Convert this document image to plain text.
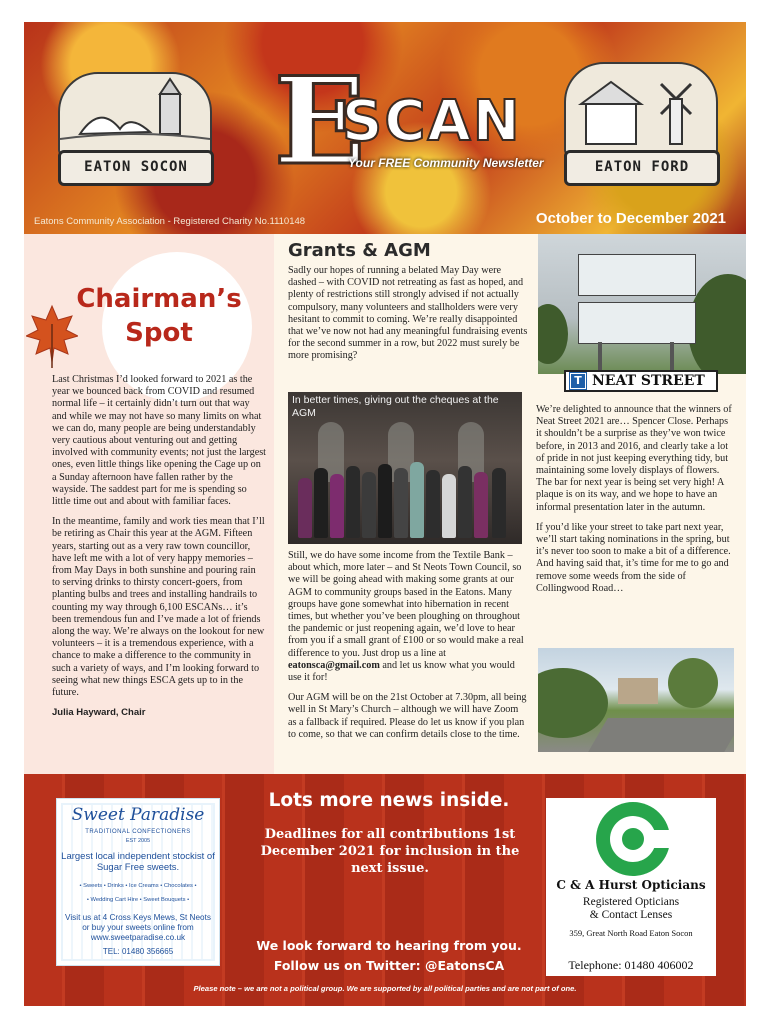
EATON SOCON	EATON FORD
E
SCAN
Your FREE Community Newsletter
Eatons Community Association - Registered Charity No.1110148	October to December 2021
Chairman’s Spot

Last Christmas I’d looked forward to 2021 as the year we bounced back from COVID and resumed normal life – it certainly didn’t turn out that way and while we may not have so many limits on what we can do, many people are being understandably very cautious about venturing out and getting involved with community events; not just the largest ones, even little things like opening the Cage up on a Sunday afternoon have fallen rather by the wayside. The saddest part for me is spending so little time out and about with familiar faces.

In the meantime, family and work ties mean that I’ll be retiring as Chair this year at the AGM. Fifteen years, starting out as a very raw town councillor, have left me with a lot of very happy memories – from May Days in both sunshine and pouring rain to serving drinks to thirsty concert-goers, from planting bulbs and trees and installing handrails to counting my way through 6,100 ESCANs… it’s been tremendous fun and I’ve made a lot of friends along the way. We’re always on the lookout for new volunteers – it is a tremendous experience, with a chance to make a difference to the community in such a variety of ways, and I’m looking forward to seeing what new things ESCA gets up to in the future.

Julia Hayward, Chair

Grants & AGM

Sadly our hopes of running a belated May Day were dashed – with COVID not retreating as fast as hoped, and plenty of restrictions still strongly advised if not actually compulsory, many volunteers and stallholders were very hesitant to commit to coming. We’re really disappointed that we’ve now not had any meaningful fundraising events for the second summer in a row, but 2022 must surely be more promising?

In better times, giving out the cheques at the AGM

Still, we do have some income from the Textile Bank – about which, more later – and St Neots Town Council, so we will be going ahead with making some grants at our AGM to community groups based in the Eatons. Many groups have gone somewhat into hibernation in recent times, but whether you’ve been ploughing on throughout the pandemic or just reopening again, we’d love to hear from you if a small grant of £100 or so would make a real difference to you. Just drop us a line at eatonsca@gmail.com and let us know what you would use it for!

Our AGM will be on the 21st October at 7.30pm, all being well in St Mary’s Church – although we will have Zoom as a fallback if required. Please do let us know if you plan to come, so that we can confirm details close to the time.

T NEAT STREET

We’re delighted to announce that the winners of Neat Street 2021 are… Spencer Close. Perhaps it shouldn’t be a surprise as they’ve won twice before, in 2013 and 2016, and clearly take a lot of pride in not just keeping everything tidy, but maintaining some lovely displays of flowers. The bar for next year is being set very high! A plaque is on its way, and we hope to have an informal presentation later in the autumn.

If you’d like your street to take part next year, we’ll start taking nominations in the spring, but it’s never too soon to make a bit of a difference. And having said that, it’s time for me to go and remove some weeds from the side of Collingwood Road…

Sweet Paradise
TRADITIONAL CONFECTIONERS
EST 2005
Largest local independent stockist of Sugar Free sweets.
• Sweets • Drinks • Ice Creams • Chocolates •
• Wedding Cart Hire • Sweet Bouquets •
Visit us at 4 Cross Keys Mews, St Neots or buy your sweets online from www.sweetparadise.co.uk
TEL: 01480 356665
Lots more news inside.
Deadlines for all contributions 1st December 2021 for inclusion in the next issue.
We look forward to hearing from you.
Follow us on Twitter: @EatonsCA
C & A Hurst Opticians
Registered Opticians
& Contact Lenses
359, Great North Road Eaton Socon
Telephone: 01480 406002
Please note – we are not a political group. We are supported by all political parties and are not part of one.
